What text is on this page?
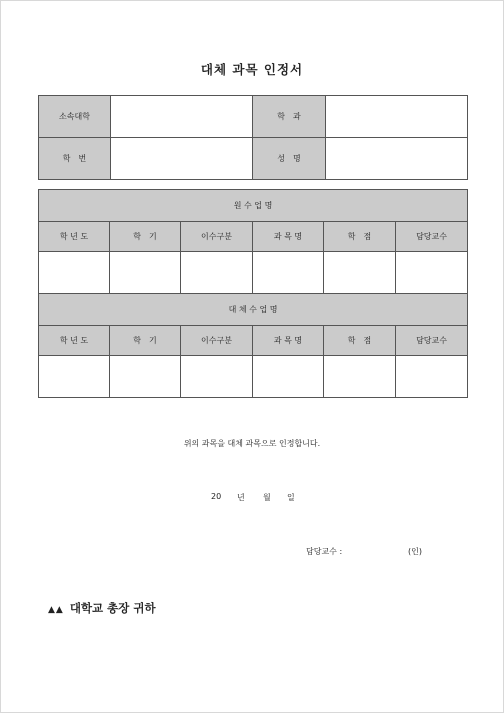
대체 과목 인정서
소속대학		학　과	
학　번		성　명	
원 수 업 명					
학 년 도	학　기	이수구분	과 목 명	학　점	담당교수

대 체 수 업 명					
학 년 도	학　기	이수구분	과 목 명	학　점	담당교수

위의 과목을 대체 과목으로 인정합니다.
20 년 월 일
담당교수 :	(인)
▲▲ 대학교 총장 귀하
